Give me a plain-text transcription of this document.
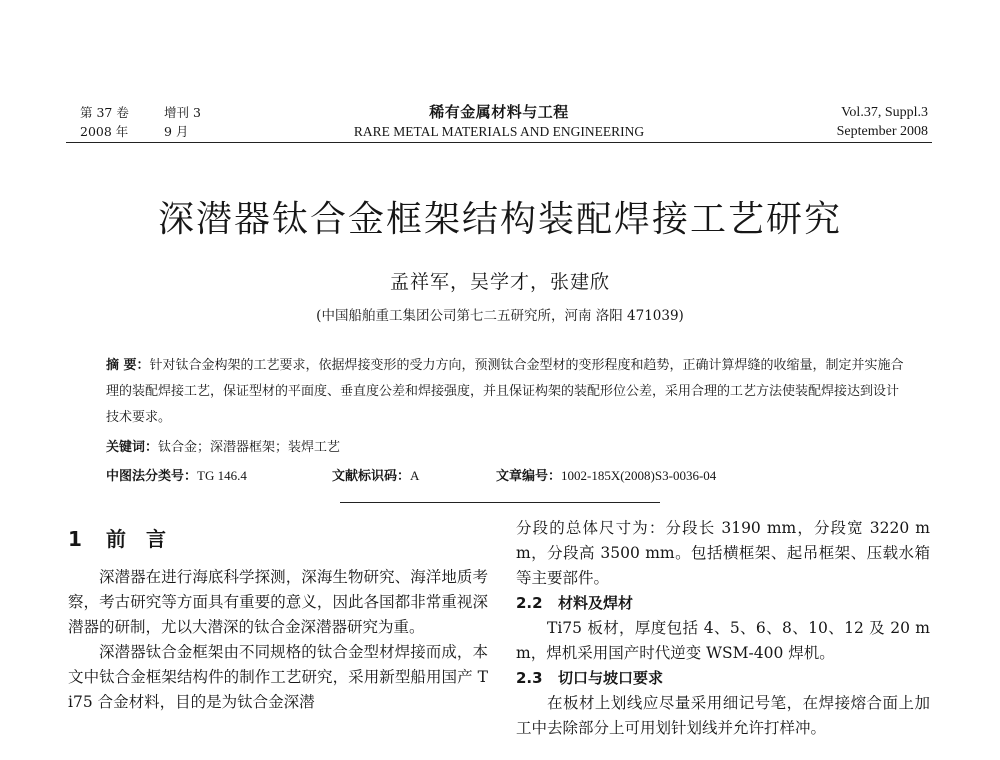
第 37 卷	增刊 3
2008 年	9 月
稀有金属材料与工程
RARE METAL MATERIALS AND ENGINEERING
Vol.37, Suppl.3
September 2008
深潜器钛合金框架结构装配焊接工艺研究
孟祥军，吴学才，张建欣
(中国船舶重工集团公司第七二五研究所，河南 洛阳 471039)
摘 要：针对钛合金构架的工艺要求，依据焊接变形的受力方向，预测钛合金型材的变形程度和趋势，正确计算焊缝的收缩量，制定并实施合理的装配焊接工艺，保证型材的平面度、垂直度公差和焊接强度，并且保证构架的装配形位公差，采用合理的工艺方法使装配焊接达到设计技术要求。
关键词：钛合金；深潜器框架；装焊工艺
中图法分类号：TG 146.4	文献标识码：A	文章编号：1002-185X(2008)S3-0036-04
1 前言

深潜器在进行海底科学探测，深海生物研究、海洋地质考察，考古研究等方面具有重要的意义，因此各国都非常重视深潜器的研制，尤以大潜深的钛合金深潜器研究为重。

深潜器钛合金框架由不同规格的钛合金型材焊接而成，本文中钛合金框架结构件的制作工艺研究，采用新型船用国产 Ti75 合金材料，目的是为钛合金深潜

分段的总体尺寸为：分段长 3190 mm，分段宽 3220 mm，分段高 3500 mm。包括横框架、起吊框架、压载水箱等主要部件。

2.2 材料及焊材

Ti75 板材，厚度包括 4、5、6、8、10、12 及 20 mm，焊机采用国产时代逆变 WSM-400 焊机。

2.3 切口与坡口要求

在板材上划线应尽量采用细记号笔，在焊接熔合面上加工中去除部分上可用划针划线并允许打样冲。
